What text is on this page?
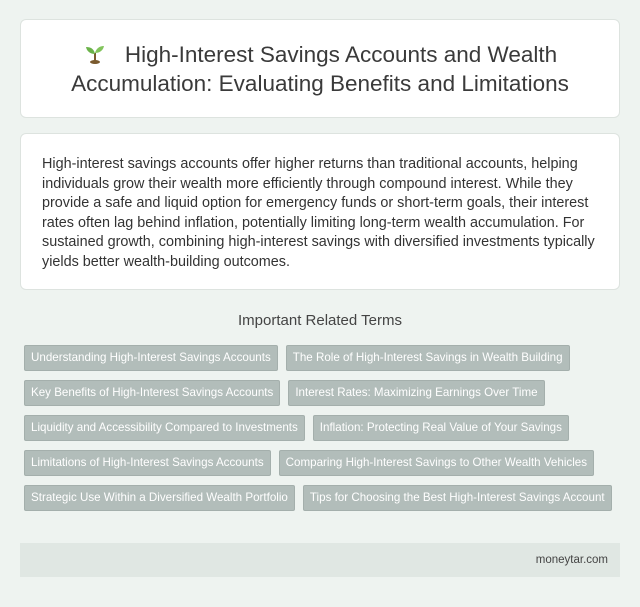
High-Interest Savings Accounts and Wealth Accumulation: Evaluating Benefits and Limitations

High-interest savings accounts offer higher returns than traditional accounts, helping individuals grow their wealth more efficiently through compound interest. While they provide a safe and liquid option for emergency funds or short-term goals, their interest rates often lag behind inflation, potentially limiting long-term wealth accumulation. For sustained growth, combining high-interest savings with diversified investments typically yields better wealth-building outcomes.

Important Related Terms
Understanding High-Interest Savings Accounts	The Role of High-Interest Savings in Wealth Building
Key Benefits of High-Interest Savings Accounts	Interest Rates: Maximizing Earnings Over Time
Liquidity and Accessibility Compared to Investments	Inflation: Protecting Real Value of Your Savings
Limitations of High-Interest Savings Accounts	Comparing High-Interest Savings to Other Wealth Vehicles
Strategic Use Within a Diversified Wealth Portfolio	Tips for Choosing the Best High-Interest Savings Account
moneytar.com
